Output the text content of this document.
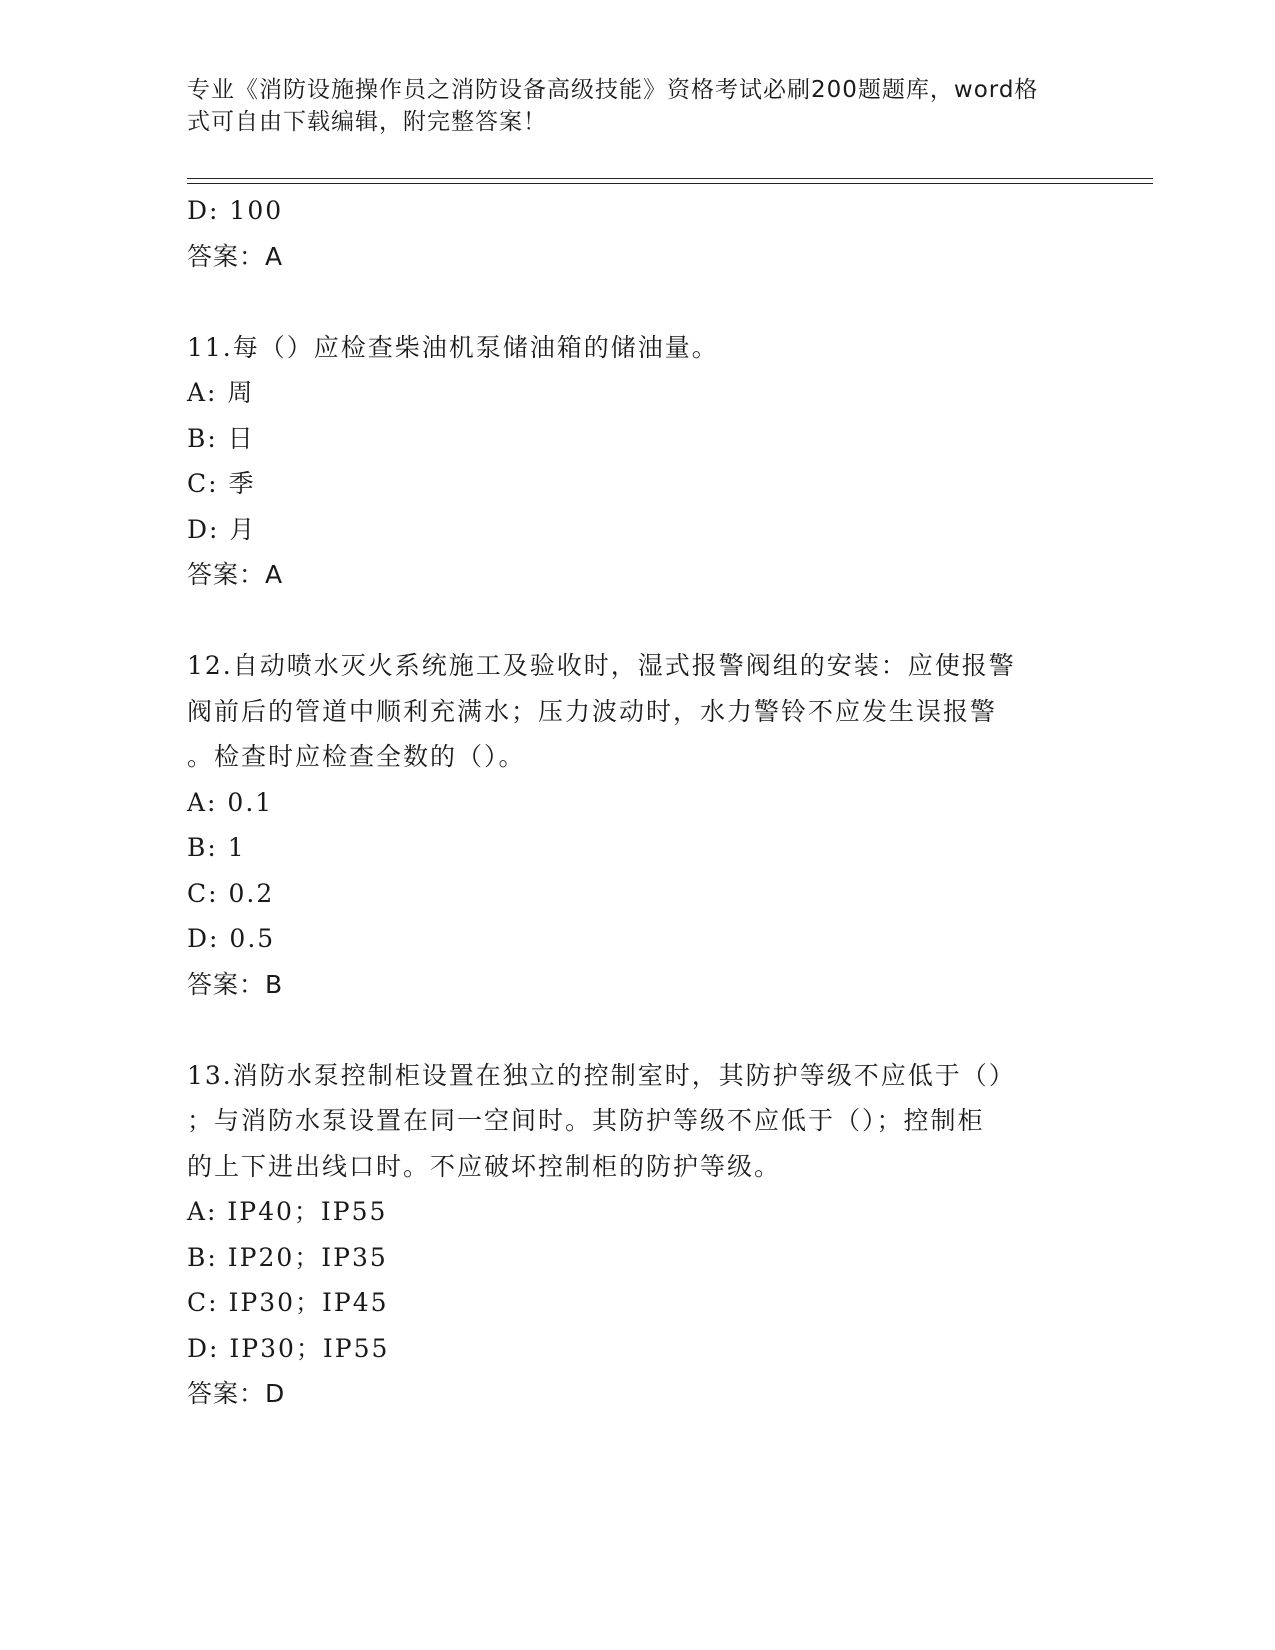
专业《消防设施操作员之消防设备高级技能》资格考试必刷200题题库，word格
式可自由下载编辑，附完整答案！
D: 100
答案：A
11.每（）应检查柴油机泵储油箱的储油量。
A: 周
B: 日
C: 季
D: 月
答案：A
12.自动喷水灭火系统施工及验收时，湿式报警阀组的安装：应使报警
阀前后的管道中顺利充满水；压力波动时，水力警铃不应发生误报警
。检查时应检查全数的（）。
A: 0.1
B: 1
C: 0.2
D: 0.5
答案：B
13.消防水泵控制柜设置在独立的控制室时，其防护等级不应低于（）
；与消防水泵设置在同一空间时。其防护等级不应低于（）；控制柜
的上下进出线口时。不应破坏控制柜的防护等级。
A: IP40；IP55
B: IP20；IP35
C: IP30；IP45
D: IP30；IP55
答案：D
